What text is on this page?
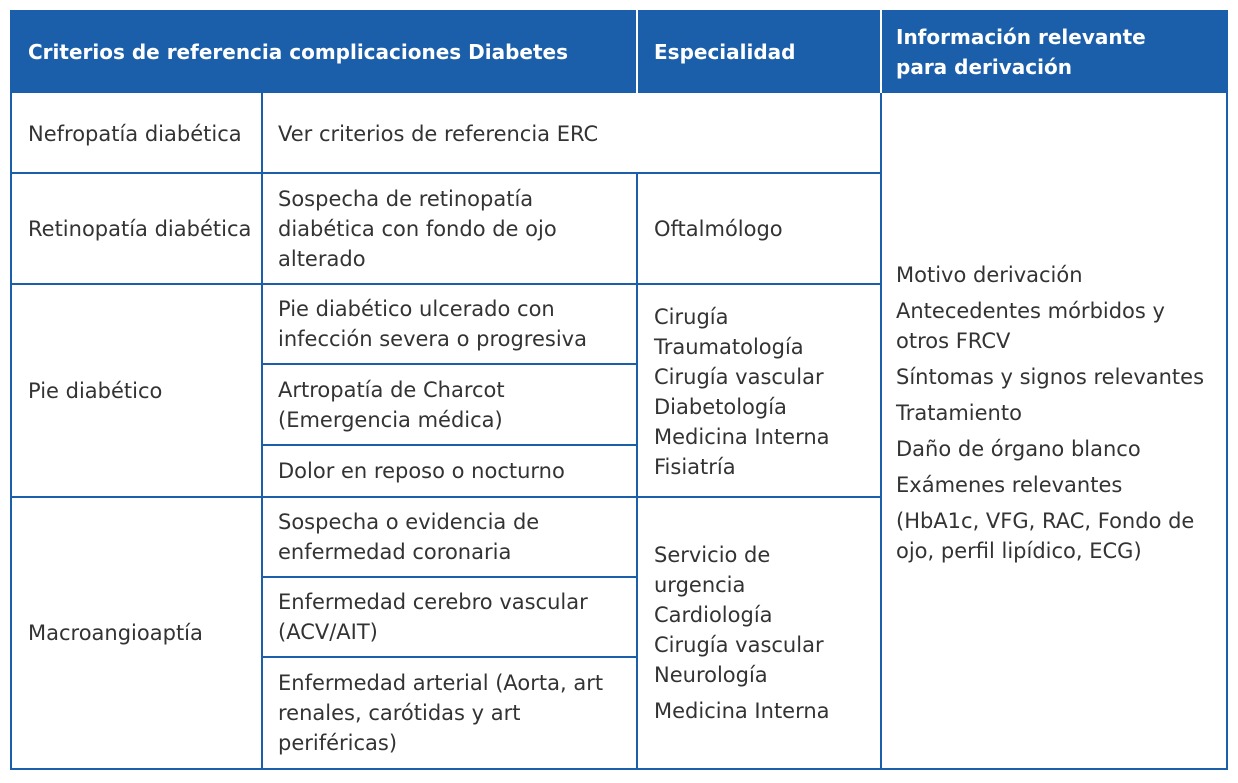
Criterios de referencia complicaciones Diabetes	Especialidad
Información relevante para derivación
Nefropatía diabética Ver criterios de referencia ERC
Retinopatía diabética
Sospecha de retinopatía diabética con fondo de ojo alterado
Oftalmólogo
Pie diabético
Pie diabético ulcerado con infección severa o progresiva
Artropatía de Charcot (Emergencia médica)
Dolor en reposo o nocturno
Cirugía
Traumatología
Cirugía vascular
Diabetología
Medicina Interna
Fisiatría
Macroangioaptía
Sospecha o evidencia de enfermedad coronaria
Enfermedad cerebro vascular (ACV/AIT)
Enfermedad arterial (Aorta, art renales, carótidas y art periféricas)
Servicio de urgencia
Cardiología
Cirugía vascular
Neurología
Medicina Interna
Motivo derivación
Antecedentes mórbidos y otros FRCV
Síntomas y signos relevantes
Tratamiento
Daño de órgano blanco
Exámenes relevantes
(HbA1c, VFG, RAC, Fondo de ojo, perfil lipídico, ECG)
